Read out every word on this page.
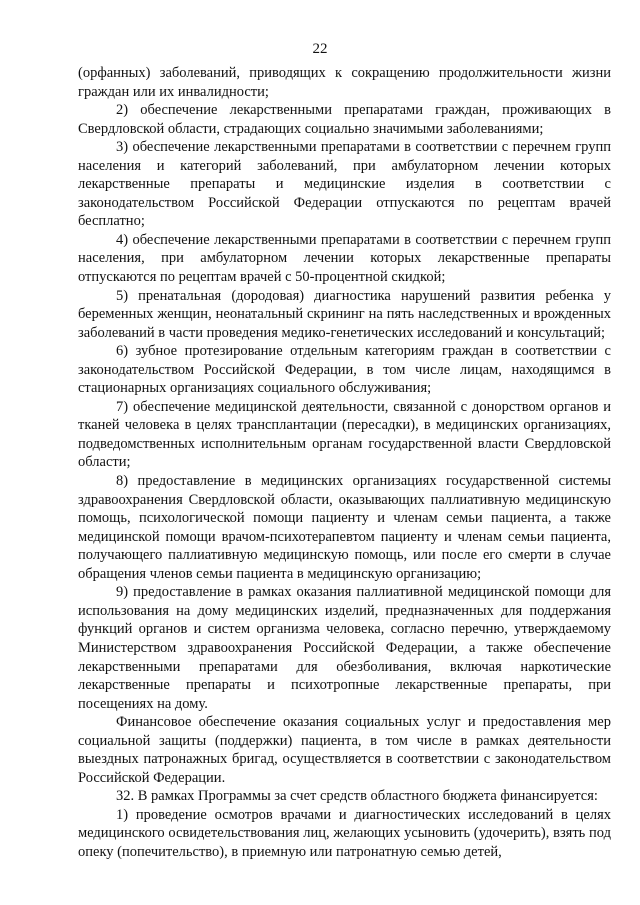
22

(орфанных) заболеваний, приводящих к сокращению продолжительности жизни граждан или их инвалидности;

2) обеспечение лекарственными препаратами граждан, проживающих в Свердловской области, страдающих социально значимыми заболеваниями;

3) обеспечение лекарственными препаратами в соответствии с перечнем групп населения и категорий заболеваний, при амбулаторном лечении которых лекарственные препараты и медицинские изделия в соответствии с законодательством Российской Федерации отпускаются по рецептам врачей бесплатно;

4) обеспечение лекарственными препаратами в соответствии с перечнем групп населения, при амбулаторном лечении которых лекарственные препараты отпускаются по рецептам врачей с 50-процентной скидкой;

5) пренатальная (дородовая) диагностика нарушений развития ребенка у беременных женщин, неонатальный скрининг на пять наследственных и врожденных заболеваний в части проведения медико-генетических исследований и консультаций;

6) зубное протезирование отдельным категориям граждан в соответствии с законодательством Российской Федерации, в том числе лицам, находящимся в стационарных организациях социального обслуживания;

7) обеспечение медицинской деятельности, связанной с донорством органов и тканей человека в целях трансплантации (пересадки), в медицинских организациях, подведомственных исполнительным органам государственной власти Свердловской области;

8) предоставление в медицинских организациях государственной системы здравоохранения Свердловской области, оказывающих паллиативную медицинскую помощь, психологической помощи пациенту и членам семьи пациента, а также медицинской помощи врачом-психотерапевтом пациенту и членам семьи пациента, получающего паллиативную медицинскую помощь, или после его смерти в случае обращения членов семьи пациента в медицинскую организацию;

9) предоставление в рамках оказания паллиативной медицинской помощи для использования на дому медицинских изделий, предназначенных для поддержания функций органов и систем организма человека, согласно перечню, утверждаемому Министерством здравоохранения Российской Федерации, а также обеспечение лекарственными препаратами для обезболивания, включая наркотические лекарственные препараты и психотропные лекарственные препараты, при посещениях на дому.

Финансовое обеспечение оказания социальных услуг и предоставления мер социальной защиты (поддержки) пациента, в том числе в рамках деятельности выездных патронажных бригад, осуществляется в соответствии с законодательством Российской Федерации.

32. В рамках Программы за счет средств областного бюджета финансируется:

1) проведение осмотров врачами и диагностических исследований в целях медицинского освидетельствования лиц, желающих усыновить (удочерить), взять под опеку (попечительство), в приемную или патронатную семью детей,
